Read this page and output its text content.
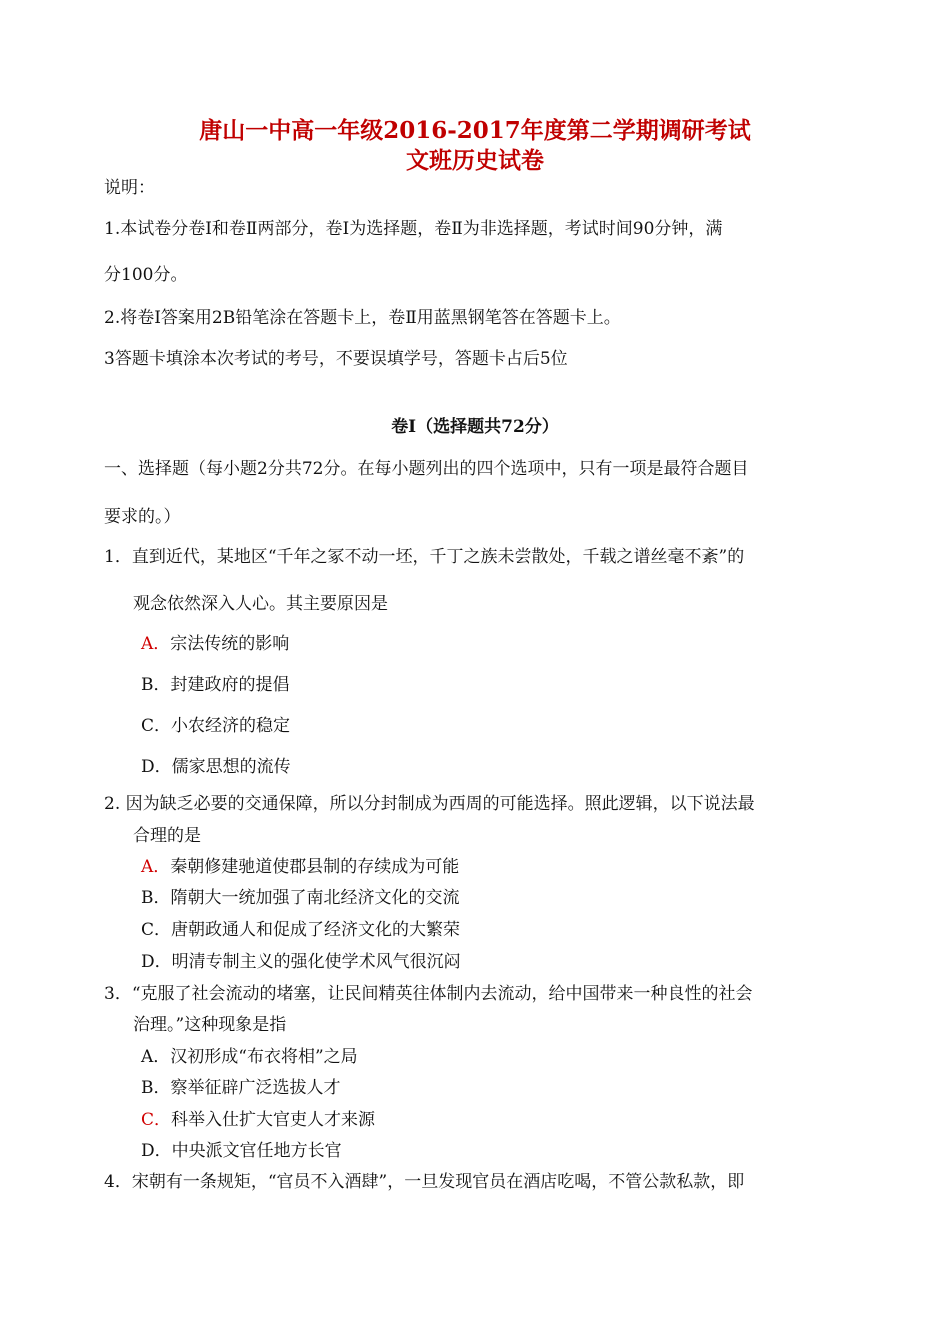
唐山一中高一年级2016-2017年度第二学期调研考试
文班历史试卷
说明：
1.本试卷分卷Ⅰ和卷Ⅱ两部分，卷Ⅰ为选择题，卷Ⅱ为非选择题，考试时间90分钟，满
分100分。
2.将卷Ⅰ答案用2B铅笔涂在答题卡上，卷Ⅱ用蓝黑钢笔答在答题卡上。
3答题卡填涂本次考试的考号，不要误填学号，答题卡占后5位
卷Ⅰ（选择题共72分）
一、选择题（每小题2分共72分。在每小题列出的四个选项中，只有一项是最符合题目
要求的。）
1．直到近代，某地区“千年之冢不动一坯，千丁之族未尝散处，千载之谱丝毫不紊”的
观念依然深入人心。其主要原因是
A．宗法传统的影响
B．封建政府的提倡
C．小农经济的稳定
D．儒家思想的流传
2. 因为缺乏必要的交通保障，所以分封制成为西周的可能选择。照此逻辑，以下说法最
合理的是
A．秦朝修建驰道使郡县制的存续成为可能
B．隋朝大一统加强了南北经济文化的交流
C．唐朝政通人和促成了经济文化的大繁荣
D．明清专制主义的强化使学术风气很沉闷
3．“克服了社会流动的堵塞，让民间精英往体制内去流动，给中国带来一种良性的社会
治理。”这种现象是指
A．汉初形成“布衣将相”之局
B．察举征辟广泛选拔人才
C．科举入仕扩大官吏人才来源
D．中央派文官任地方长官
4．宋朝有一条规矩，“官员不入酒肆”，一旦发现官员在酒店吃喝，不管公款私款，即
